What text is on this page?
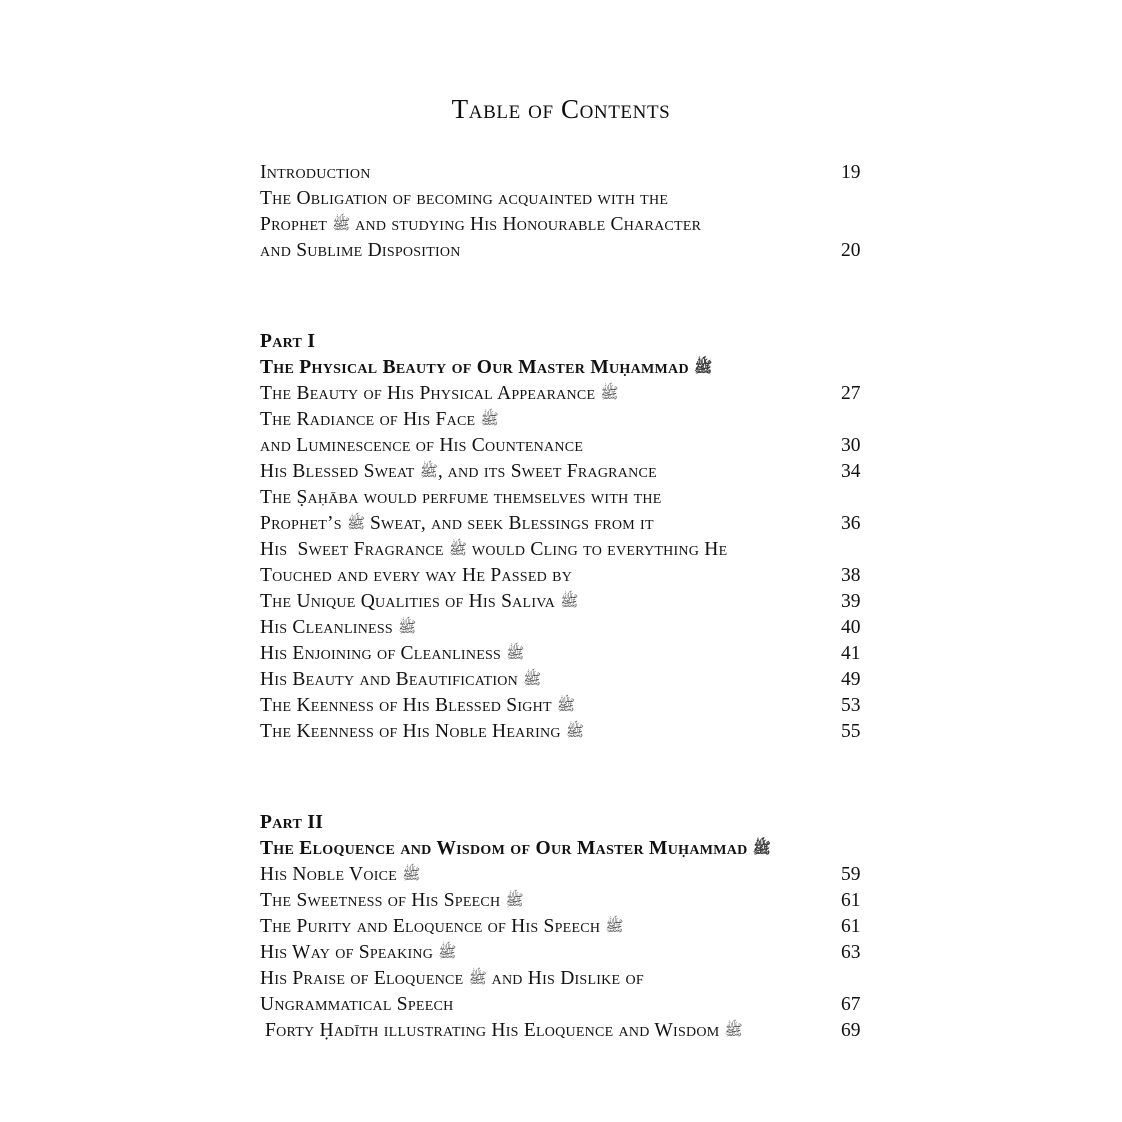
Table of Contents
Introduction	19
The Obligation of becoming acquainted with the
Prophet ﷺ and studying His Honourable Character
and Sublime Disposition	20
Part I
The Physical Beauty of Our Master Muḥammad ﷺ
The Beauty of His Physical Appearance ﷺ	27
The Radiance of His Face ﷺ
and Luminescence of His Countenance	30
His Blessed Sweat ﷺ, and its Sweet Fragrance	34
The Ṣaḥāba would perfume themselves with the
Prophet’s ﷺ Sweat, and seek Blessings from it	36
His  Sweet Fragrance ﷺ would Cling to everything He
Touched and every way He Passed by	38
The Unique Qualities of His Saliva ﷺ	39
His Cleanliness ﷺ	40
His Enjoining of Cleanliness ﷺ	41
His Beauty and Beautification ﷺ	49
The Keenness of His Blessed Sight ﷺ	53
The Keenness of His Noble Hearing ﷺ	55
Part II
The Eloquence and Wisdom of Our Master Muḥammad ﷺ
His Noble Voice ﷺ	59
The Sweetness of His Speech ﷺ	61
The Purity and Eloquence of His Speech ﷺ	61
His Way of Speaking ﷺ	63
His Praise of Eloquence ﷺ and His Dislike of
Ungrammatical Speech	67
Forty Ḥadīth illustrating His Eloquence and Wisdom ﷺ	69
